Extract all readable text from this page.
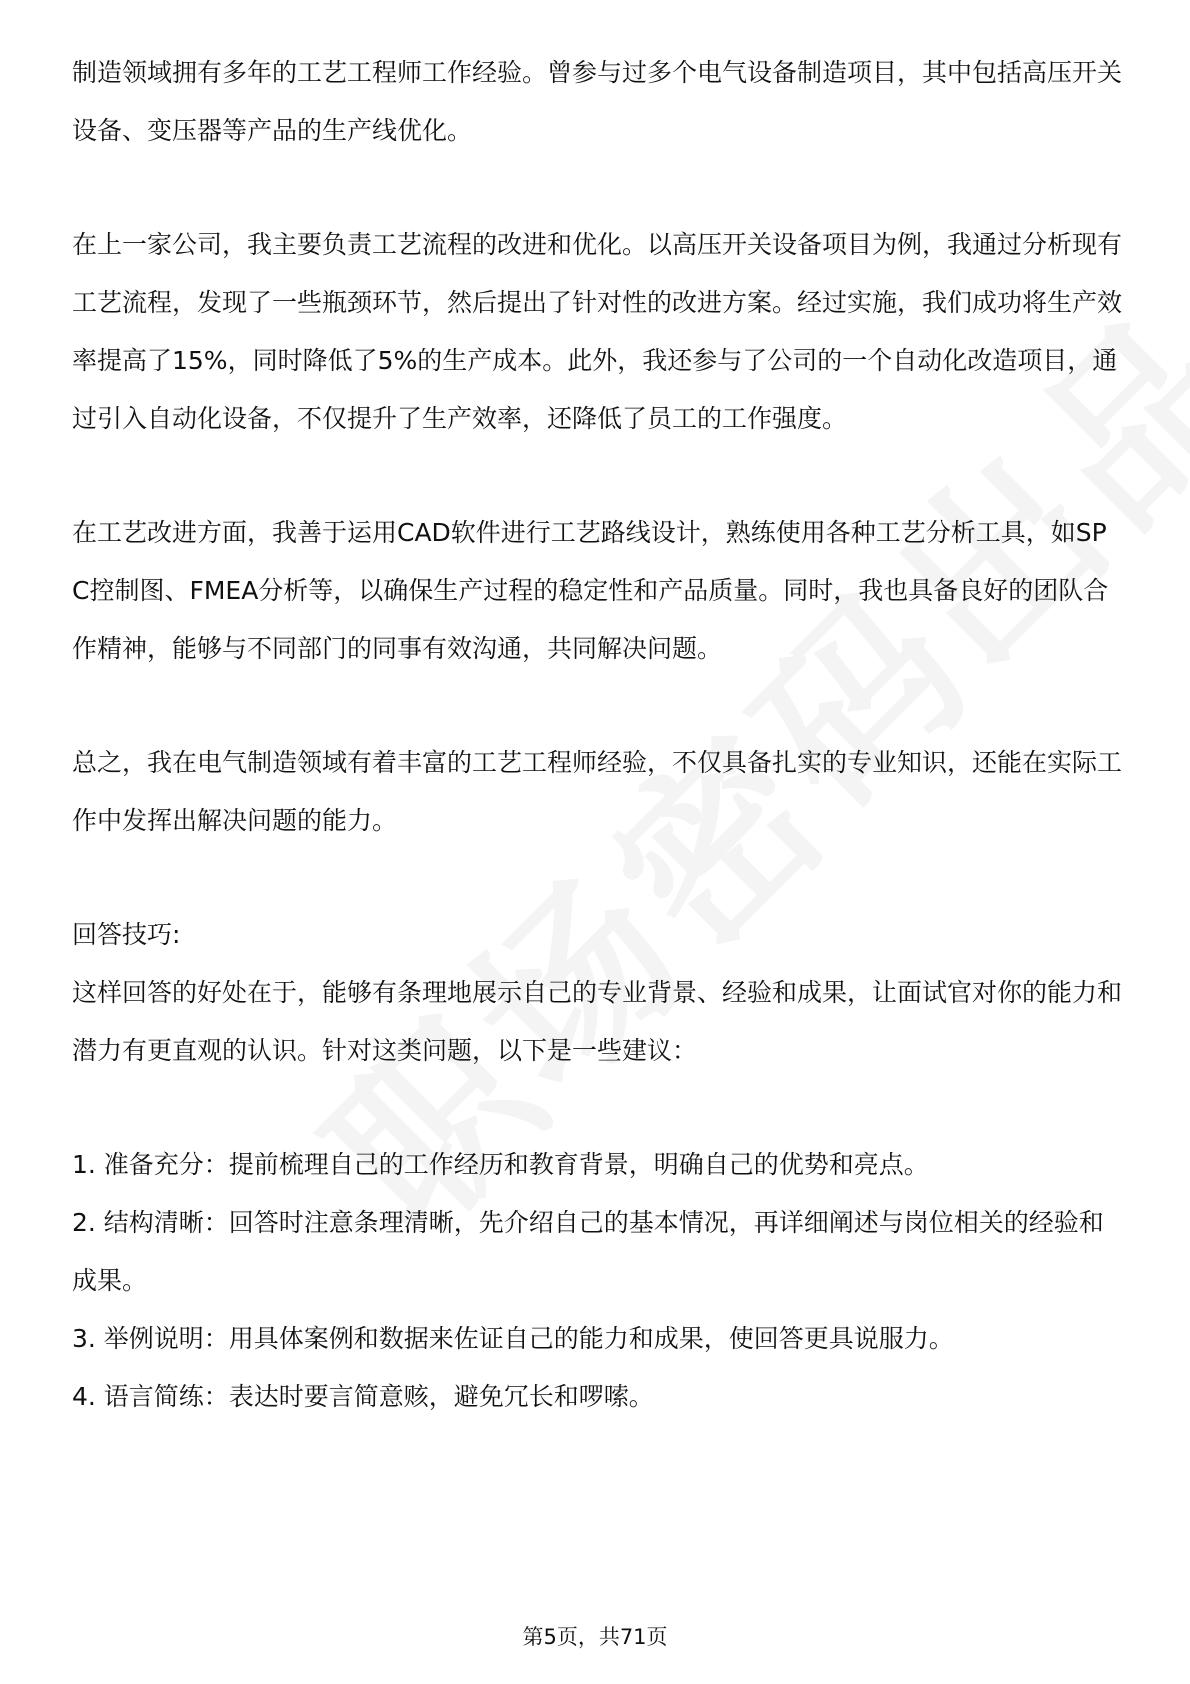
制造领域拥有多年的工艺工程师工作经验。曾参与过多个电气设备制造项目，其中包括高压开关设备、变压器等产品的生产线优化。

在上一家公司，我主要负责工艺流程的改进和优化。以高压开关设备项目为例，我通过分析现有工艺流程，发现了一些瓶颈环节，然后提出了针对性的改进方案。经过实施，我们成功将生产效率提高了15%，同时降低了5%的生产成本。此外，我还参与了公司的一个自动化改造项目，通过引入自动化设备，不仅提升了生产效率，还降低了员工的工作强度。

在工艺改进方面，我善于运用CAD软件进行工艺路线设计，熟练使用各种工艺分析工具，如SPC控制图、FMEA分析等，以确保生产过程的稳定性和产品质量。同时，我也具备良好的团队合作精神，能够与不同部门的同事有效沟通，共同解决问题。

总之，我在电气制造领域有着丰富的工艺工程师经验，不仅具备扎实的专业知识，还能在实际工作中发挥出解决问题的能力。

回答技巧:

这样回答的好处在于，能够有条理地展示自己的专业背景、经验和成果，让面试官对你的能力和潜力有更直观的认识。针对这类问题，以下是一些建议：

1. 准备充分：提前梳理自己的工作经历和教育背景，明确自己的优势和亮点。

2. 结构清晰：回答时注意条理清晰，先介绍自己的基本情况，再详细阐述与岗位相关的经验和成果。

3. 举例说明：用具体案例和数据来佐证自己的能力和成果，使回答更具说服力。

4. 语言简练：表达时要言简意赅，避免冗长和啰嗦。

第5页，共71页
